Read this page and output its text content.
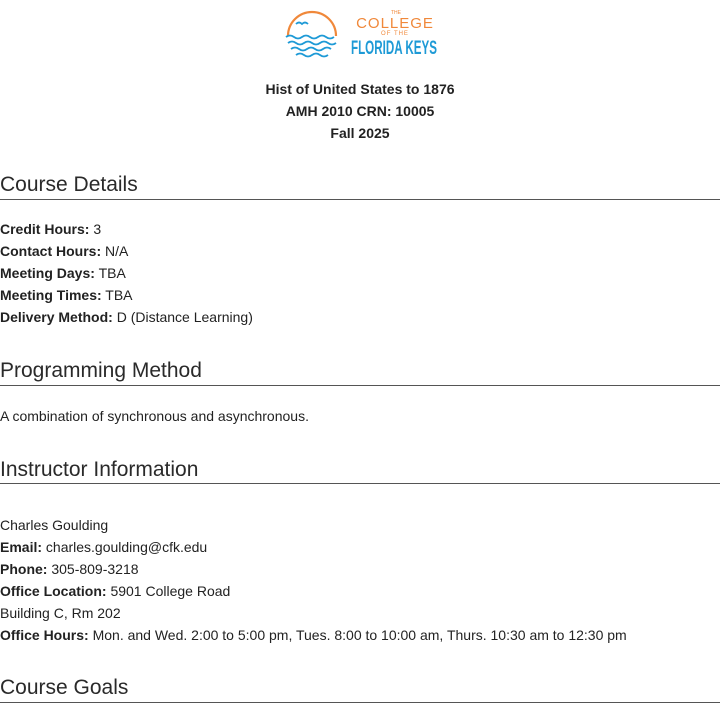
THE
COLLEGE
OF THE
FLORIDA KEYS
Hist of United States to 1876
AMH 2010 CRN: 10005
Fall 2025
Course Details
Credit Hours: 3
Contact Hours: N/A
Meeting Days: TBA
Meeting Times: TBA
Delivery Method: D (Distance Learning)
Programming Method
A combination of synchronous and asynchronous.
Instructor Information
Charles Goulding
Email: charles.goulding@cfk.edu
Phone: 305-809-3218
Office Location: 5901 College Road
Building C, Rm 202
Office Hours: Mon. and Wed. 2:00 to 5:00 pm, Tues. 8:00 to 10:00 am, Thurs. 10:30 am to 12:30 pm
Course Goals
